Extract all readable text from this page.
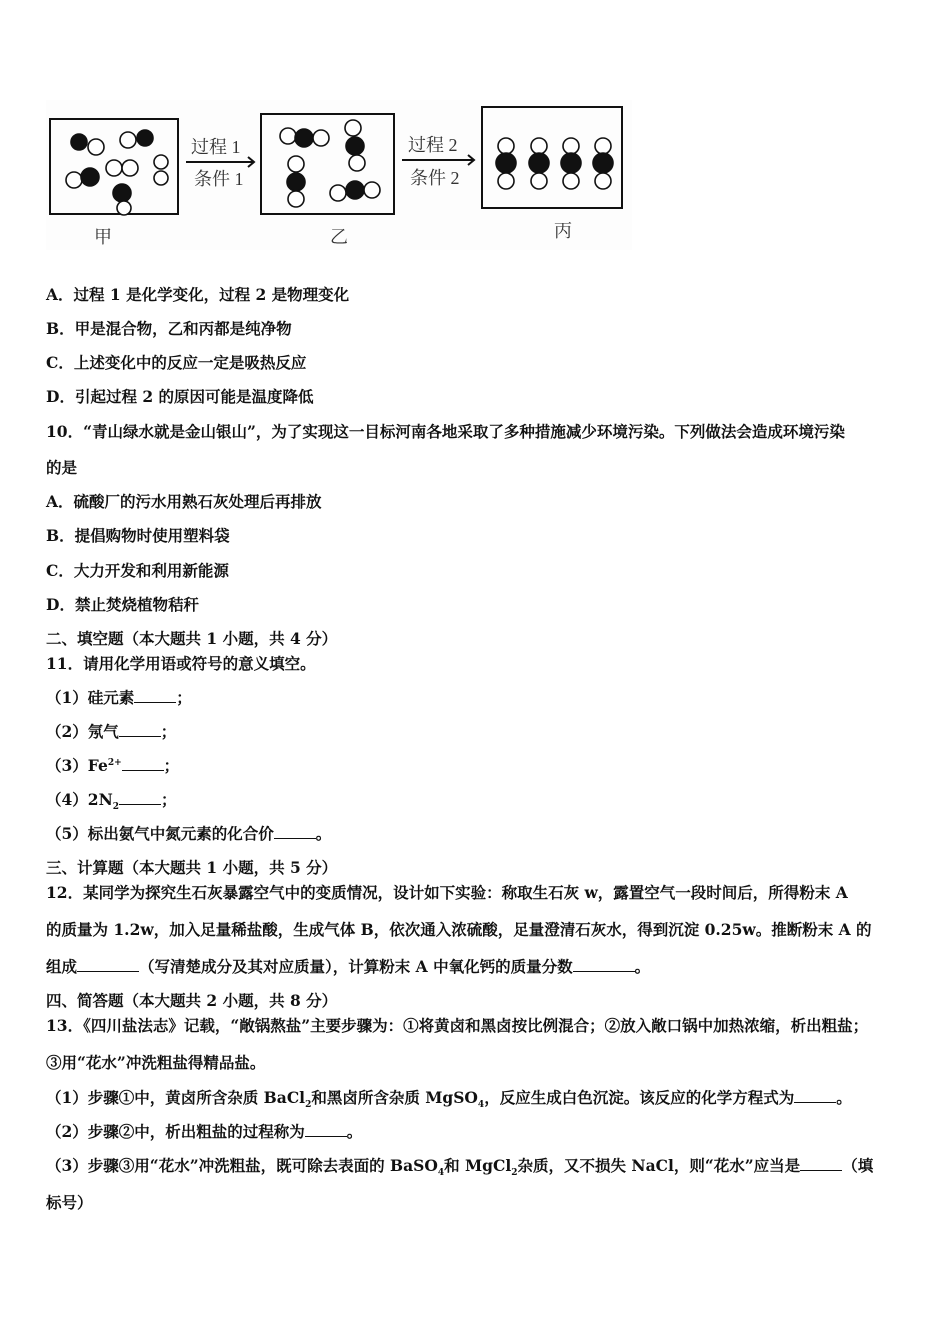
过程 1
条件 1
过程 2
条件 2
甲	乙	丙
A．过程 1 是化学变化，过程 2 是物理变化
B．甲是混合物，乙和丙都是纯净物
C．上述变化中的反应一定是吸热反应
D．引起过程 2 的原因可能是温度降低
10．“青山绿水就是金山银山”，为了实现这一目标河南各地采取了多种措施减少环境污染。下列做法会造成环境污染
的是
A．硫酸厂的污水用熟石灰处理后再排放
B．提倡购物时使用塑料袋
C．大力开发和利用新能源
D．禁止焚烧植物秸秆
二、填空题（本大题共 1 小题，共 4 分）
11．请用化学用语或符号的意义填空。
（1）硅元素	；
（2）氖气	；
$(3)Fe^{2+}$	；
$(4)2N_2$	；
（5）标出氨气中氮元素的化合价	。
三、计算题（本大题共 1 小题，共 5 分）
12．某同学为探究生石灰暴露空气中的变质情况，设计如下实验：称取生石灰 w，露置空气一段时间后，所得粉末 A
的质量为 1.2w，加入足量稀盐酸，生成气体 B，依次通入浓硫酸，足量澄清石灰水，得到沉淀 0.25w。推断粉末 A 的
组成	（写清楚成分及其对应质量），计算粉末 A 中氧化钙的质量分数	。
四、简答题（本大题共 2 小题，共 8 分）
13．《四川盐法志》记载，“敞锅熬盐”主要步骤为：①将黄卤和黑卤按比例混合；②放入敞口锅中加热浓缩，析出粗盐；
③用“花水”冲洗粗盐得精品盐。
（1）步骤①中，黄卤所含杂质 BaCl$_2$和黑卤所含杂质 MgSO$_4$，反应生成白色沉淀。该反应的化学方程式为	。
（2）步骤②中，析出粗盐的过程称为	。
（3）步骤③用“花水”冲洗粗盐，既可除去表面的 BaSO$_4$和 MgCl$_2$杂质，又不损失 NaCl，则“花水”应当是	（填
标号）
